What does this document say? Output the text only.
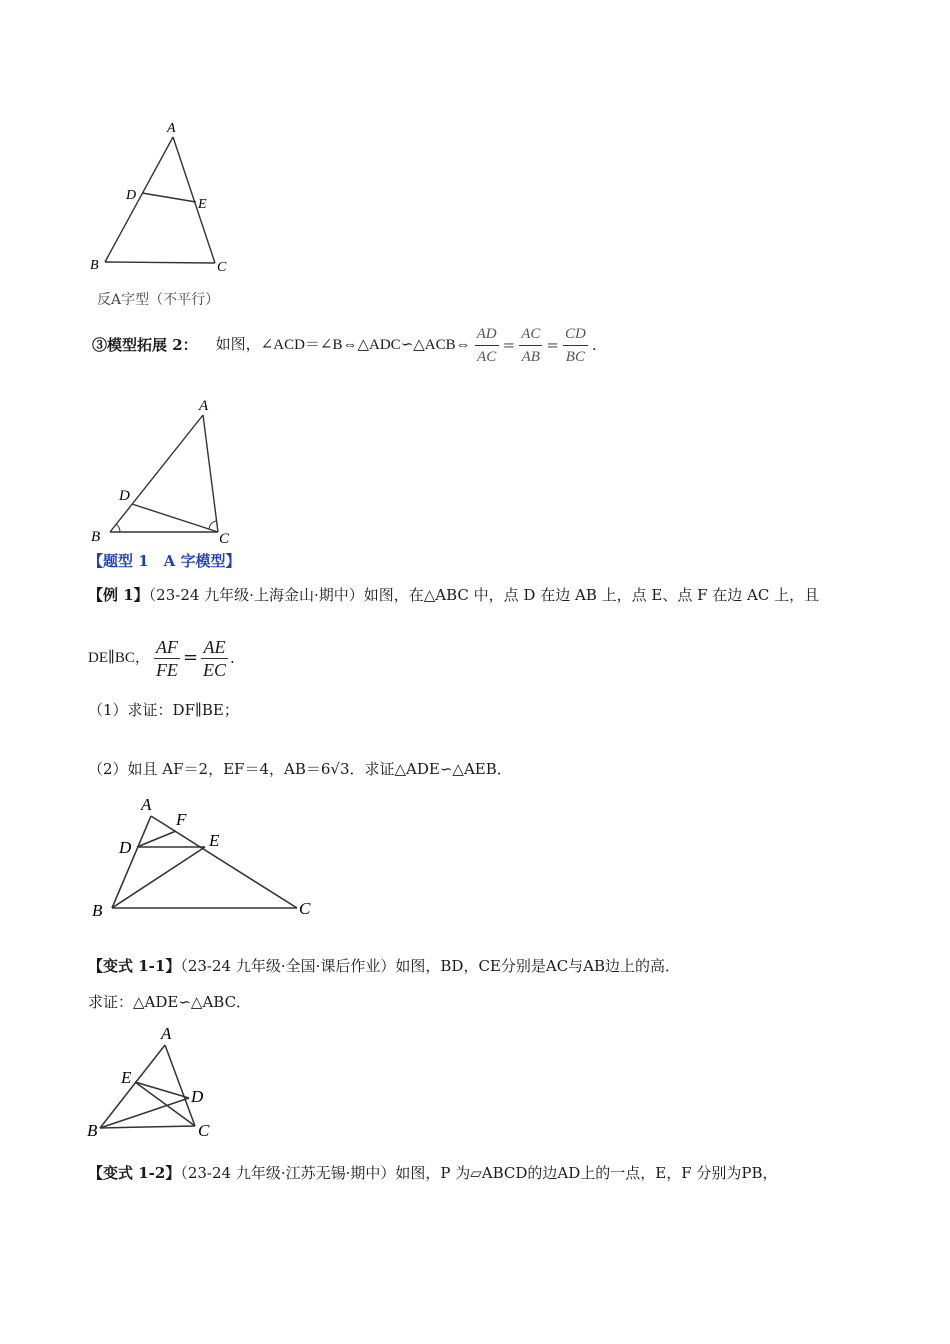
A
B	C
D
E
反A字型（不平行）
③模型拓展 2： 如图，∠ACD＝∠B⇔△ADC∽△ACB⇔ $\frac{AD}{AC} = \frac{AC}{AB} = \frac{CD}{BC}$ .
A
B	C
D
【题型 1　A 字模型】
【例 1】（23-24 九年级·上海金山·期中）如图，在△ABC 中，点 D 在边 AB 上，点 E、点 F 在边 AC 上，且
DE∥BC， $\frac{AF}{FE} = \frac{AE}{EC}$ .
（1）求证：DF∥BE；
（2）如且 AF＝2，EF＝4，AB＝6√3．求证△ADE∽△AEB．
A
F
D	E
B	C
【变式 1-1】（23-24 九年级·全国·课后作业）如图，BD，CE分别是AC与AB边上的高．
求证：△ADE∽△ABC．
A
E
D
B	C
【变式 1-2】（23-24 九年级·江苏无锡·期中）如图，P 为▱ABCD的边AD上的一点，E，F 分别为PB，
